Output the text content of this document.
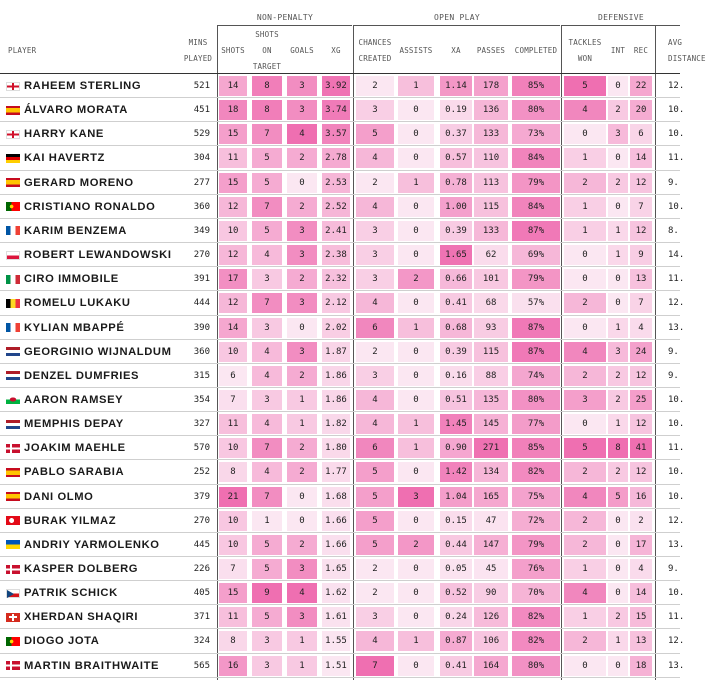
NON-PENALTY	OPEN PLAY	DEFENSIVE
PLAYER
MINS
PLAYED
SHOTS
SHOTS
ON
TARGET
GOALS	XG
CHANCES
CREATED
ASSISTS	XA	PASSES	COMPLETED
TACKLES
WON
INT	REC
AVG
DISTANCE
RAHEEM STERLING	521	14	8	3	3.92	2	1	1.14	178	85%	5	0	22	12.
ÁLVARO MORATA	451	18	8	3	3.74	3	0	0.19	136	80%	4	2	20	10.
HARRY KANE	529	15	7	4	3.57	5	0	0.37	133	73%	0	3	6	10.
KAI HAVERTZ	304	11	5	2	2.78	4	0	0.57	110	84%	1	0	14	11.
GERARD MORENO	277	15	5	0	2.53	2	1	0.78	113	79%	2	2	12	9.
CRISTIANO RONALDO	360	12	7	2	2.52	4	0	1.00	115	84%	1	0	7	10.
KARIM BENZEMA	349	10	5	3	2.41	3	0	0.39	133	87%	1	1	12	8.
ROBERT LEWANDOWSKI	270	12	4	3	2.38	3	0	1.65	62	69%	0	1	9	14.
CIRO IMMOBILE	391	17	3	2	2.32	3	2	0.66	101	79%	0	0	13	11.
ROMELU LUKAKU	444	12	7	3	2.12	4	0	0.41	68	57%	2	0	7	12.
KYLIAN MBAPPÉ	390	14	3	0	2.02	6	1	0.68	93	87%	0	1	4	13.
GEORGINIO WIJNALDUM	360	10	4	3	1.87	2	0	0.39	115	87%	4	3	24	9.
DENZEL DUMFRIES	315	6	4	2	1.86	3	0	0.16	88	74%	2	2	12	9.
AARON RAMSEY	354	7	3	1	1.86	4	0	0.51	135	80%	3	2	25	10.
MEMPHIS DEPAY	327	11	4	1	1.82	4	1	1.45	145	77%	0	1	12	10.
JOAKIM MAEHLE	570	10	7	2	1.80	6	1	0.90	271	85%	5	8	41	11.
PABLO SARABIA	252	8	4	2	1.77	5	0	1.42	134	82%	2	2	12	10.
DANI OLMO	379	21	7	0	1.68	5	3	1.04	165	75%	4	5	16	10.
BURAK YILMAZ	270	10	1	0	1.66	5	0	0.15	47	72%	2	0	2	12.
ANDRIY YARMOLENKO	445	10	5	2	1.66	5	2	0.44	147	79%	2	0	17	13.
KASPER DOLBERG	226	7	5	3	1.65	2	0	0.05	45	76%	1	0	4	9.
PATRIK SCHICK	405	15	9	4	1.62	2	0	0.52	90	70%	4	0	14	10.
XHERDAN SHAQIRI	371	11	5	3	1.61	3	0	0.24	126	82%	1	2	15	11.
DIOGO JOTA	324	8	3	1	1.55	4	1	0.87	106	82%	2	1	13	12.
MARTIN BRAITHWAITE	565	16	3	1	1.51	7	0	0.41	164	80%	0	0	18	13.
